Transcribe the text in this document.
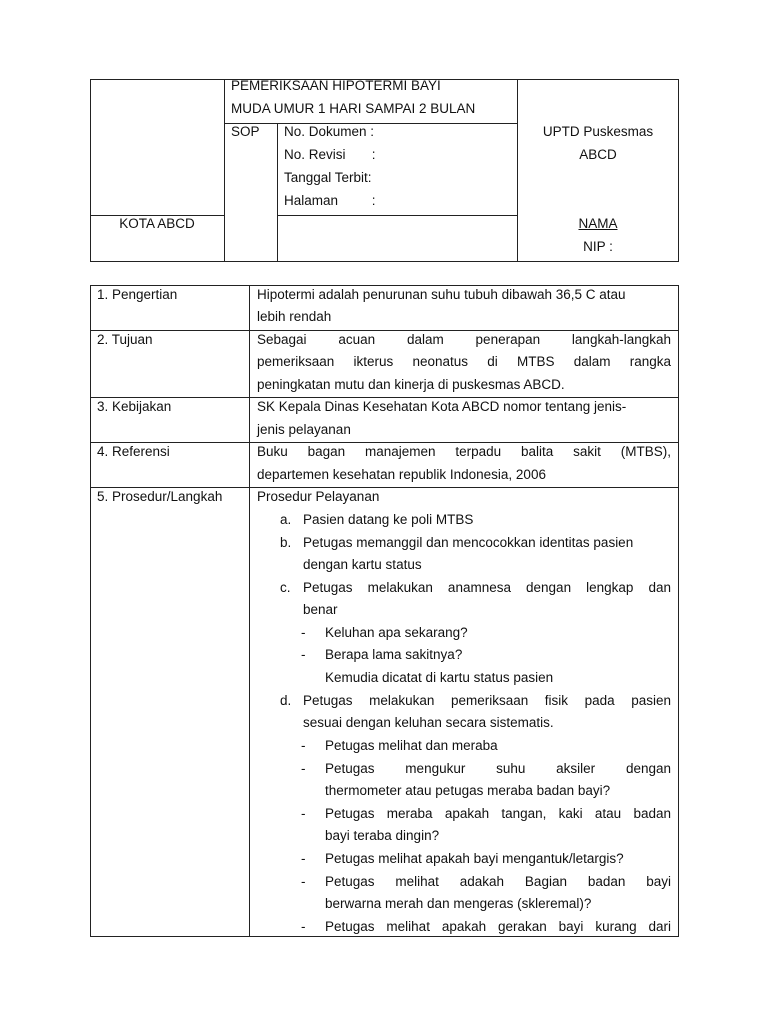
PEMERIKSAAN HIPOTERMI BAYI
MUDA UMUR 1 HARI SAMPAI 2 BULAN
SOP No. Dokumen :
No. Revisi       :
Tanggal Terbit:
Halaman         :
UPTD Puskesmas
ABCD
KOTA ABCD	NAMA
NIP :
1. Pengertian
2. Tujuan
3. Kebijakan
4. Referensi
5. Prosedur/Langkah
Hipotermi adalah penurunan suhu tubuh dibawah 36,5 C atau
lebih rendah
Sebagai acuan dalam penerapan langkah-langkah
pemeriksaan ikterus neonatus di MTBS dalam rangka
peningkatan mutu dan kinerja di puskesmas ABCD.
SK Kepala Dinas Kesehatan Kota ABCD nomor tentang jenis-
jenis pelayanan
Buku bagan manajemen terpadu balita sakit (MTBS),
departemen kesehatan republik Indonesia, 2006
Prosedur Pelayanan
a. Pasien datang ke poli MTBS
b. Petugas memanggil dan mencocokkan identitas pasien
dengan kartu status
c. Petugas melakukan anamnesa dengan lengkap dan
benar
- Keluhan apa sekarang?
- Berapa lama sakitnya?
Kemudia dicatat di kartu status pasien
d. Petugas melakukan pemeriksaan fisik pada pasien
sesuai dengan keluhan secara sistematis.
- Petugas melihat dan meraba
- Petugas mengukur suhu aksiler dengan
thermometer atau petugas meraba badan bayi?
- Petugas meraba apakah tangan, kaki atau badan
bayi teraba dingin?
- Petugas melihat apakah bayi mengantuk/letargis?
- Petugas melihat adakah Bagian badan bayi
berwarna merah dan mengeras (skleremal)?
- Petugas melihat apakah gerakan bayi kurang dari
